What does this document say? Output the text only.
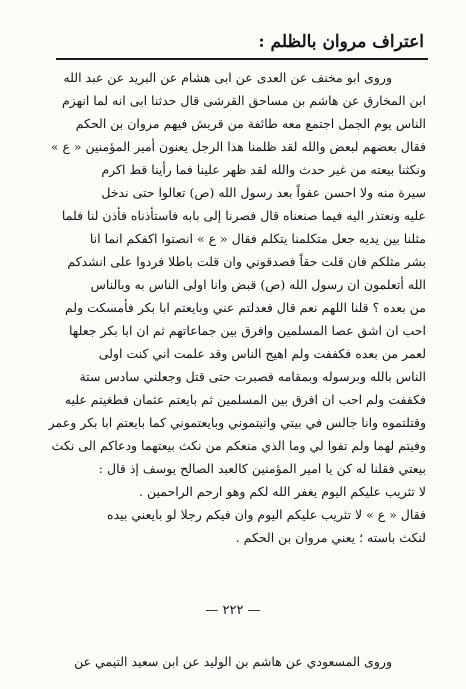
اعتراف مروان بالظلم :
وروى ابو مخنف عن العدى عن ابى هشام عن البريد عن عبد الله
ابن المخارق عن هاشم بن مساحق القرشى قال حدثنا ابى انه لما انهزم
الناس يوم الجمل اجتمع معه طائفة من قريش فيهم مروان بن الحكم
فقال بعضهم لبعض والله لقد ظلمنا هذا الرجل يعنون أمير المؤمنين « ع »
ونكثنا بيعته من غير حدث والله لقد ظهر علينا فما رأينا قط اكرم
سيرة منه ولا احسن عفواً بعد رسول الله (ص) تعالوا حتى ندخل
عليه ونعتذر اليه فيما صنعناه قال فصرنا إلى بابه فاستأذناه فأذن لنا فلما
مثلنا بين يديه جعل متكلمنا يتكلم فقال « ع » انصتوا اكفكم انما انا
بشر مثلكم فان قلت حقاً فصدقوني وان قلت باطلا فردوا على انشدكم
الله أتعلمون ان رسول الله (ص) قبض وانا اولى الناس به وبالناس
من بعده ؟ قلنا اللهم نعم قال فعدلتم عني وبايعتم ابا بكر فأمسكت ولم
احب ان اشق عصا المسلمين وافرق بين جماعاتهم ثم ان ابا بكر جعلها
لعمر من بعده فكففت ولم اهيج الناس وقد علمت اني كنت اولى
الناس بالله وبرسوله وبمقامه فصبرت حتى قتل وجعلني سادس ستة
فكففت ولم احب ان افرق بين المسلمين ثم بايعتم عثمان فطغيتم عليه
وقتلتموه وانا جالس في بيتي واتيتموني وبايعتموني كما بايعتم ابا بكر وعمر
وفيتم لهما ولم تفوا لي وما الذي منعكم من نكث بيعتهما ودعاكم الى نكث
بيعتي فقلنا له كن يا امير المؤمنين كالعبد الصالح يوسف إذ قال :
لا تثريب عليكم اليوم يغفر الله لكم وهو ارحم الراحمين .
فقال « ع » لا تثريب عليكم اليوم وان فيكم رجلا لو بايعني بيده
لنكث باسته ؛ يعني مروان بن الحكم .
— ٢٢٢ —
وروى المسعودي عن هاشم بن الوليد عن ابن سعيد التيمي عن
